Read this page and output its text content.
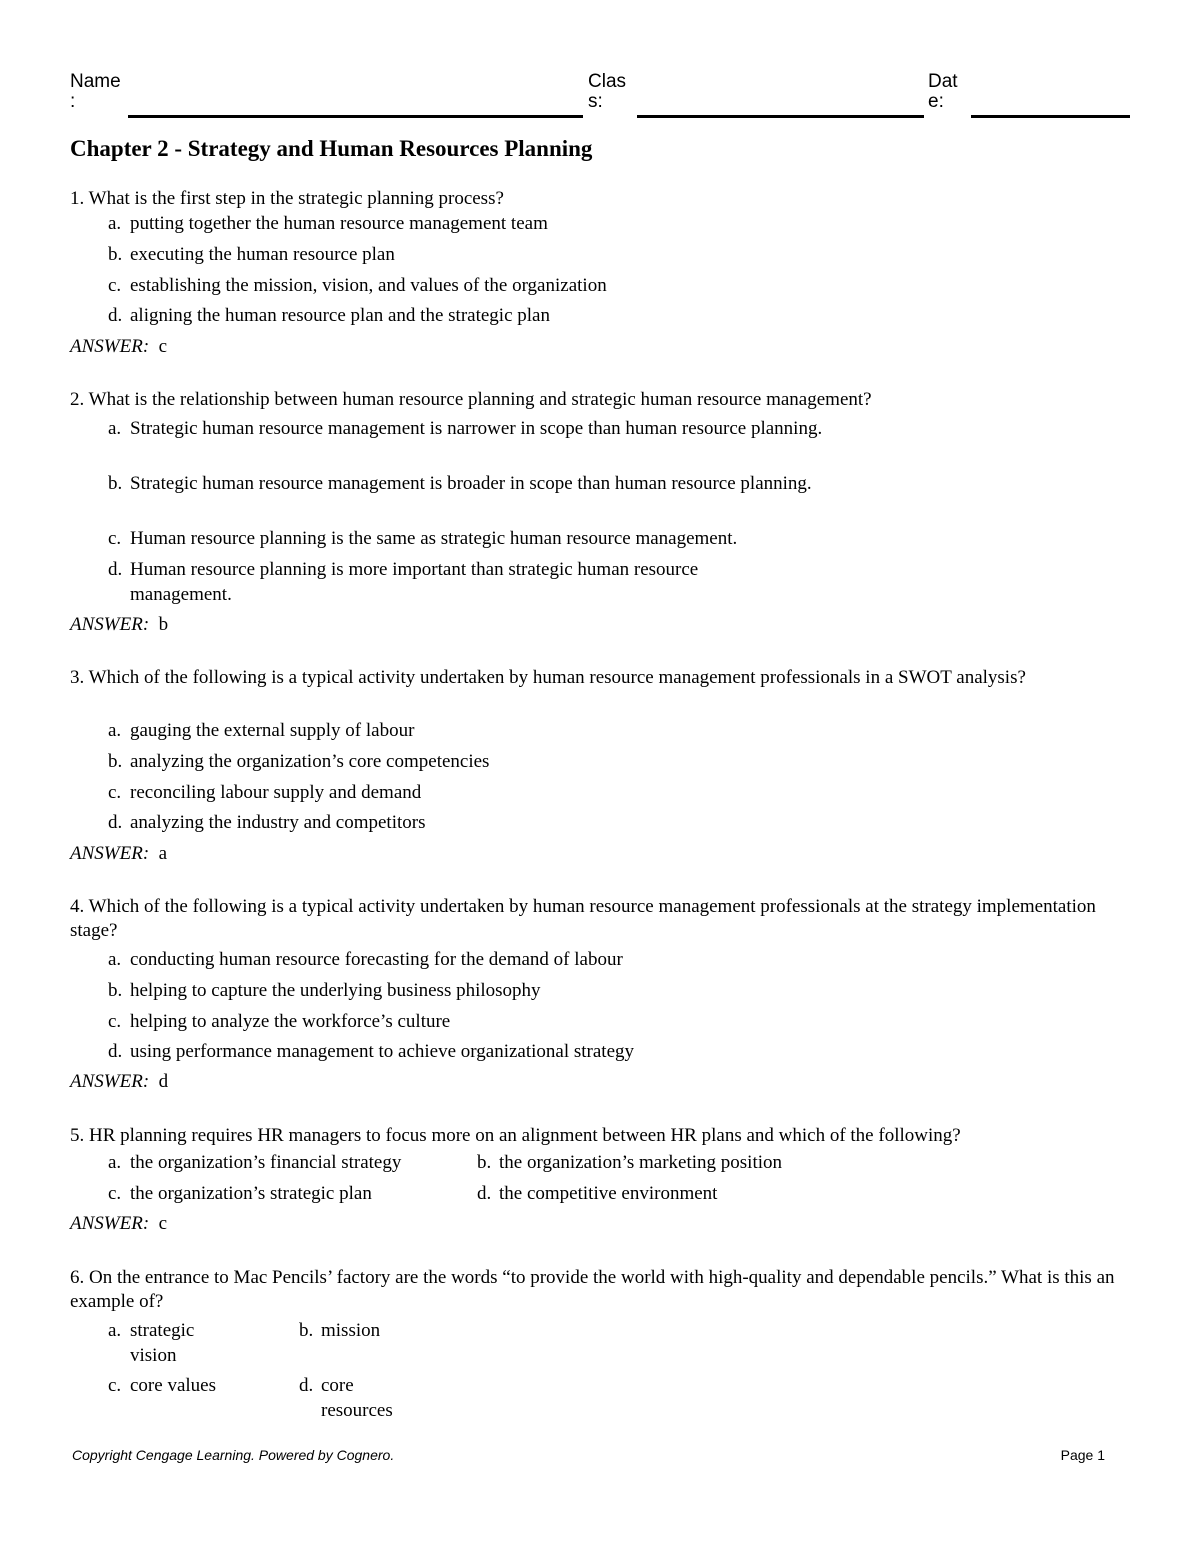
Name
:
Clas
s:
Dat
e:
Chapter 2 - Strategy and Human Resources Planning
1. What is the first step in the strategic planning process?
a. putting together the human resource management team
b. executing the human resource plan
c. establishing the mission, vision, and values of the organization
d. aligning the human resource plan and the strategic plan
ANSWER: c
2. What is the relationship between human resource planning and strategic human resource management?
a. Strategic human resource management is narrower in scope than human resource planning.
b. Strategic human resource management is broader in scope than human resource planning.
c. Human resource planning is the same as strategic human resource management.
d. Human resource planning is more important than strategic human resource management.
ANSWER: b
3. Which of the following is a typical activity undertaken by human resource management professionals in a SWOT analysis?
a. gauging the external supply of labour
b. analyzing the organization’s core competencies
c. reconciling labour supply and demand
d. analyzing the industry and competitors
ANSWER: a
4. Which of the following is a typical activity undertaken by human resource management professionals at the strategy implementation stage?
a. conducting human resource forecasting for the demand of labour
b. helping to capture the underlying business philosophy
c. helping to analyze the workforce’s culture
d. using performance management to achieve organizational strategy
ANSWER: d
5. HR planning requires HR managers to focus more on an alignment between HR plans and which of the following?
a. the organization’s financial strategy	b. the organization’s marketing position
c. the organization’s strategic plan	d. the competitive environment
ANSWER: c
6. On the entrance to Mac Pencils’ factory are the words “to provide the world with high-quality and dependable pencils.” What is this an example of?
a. strategic vision
b. mission
c. core values	d. core resources
Copyright Cengage Learning. Powered by Cognero.	Page 1
